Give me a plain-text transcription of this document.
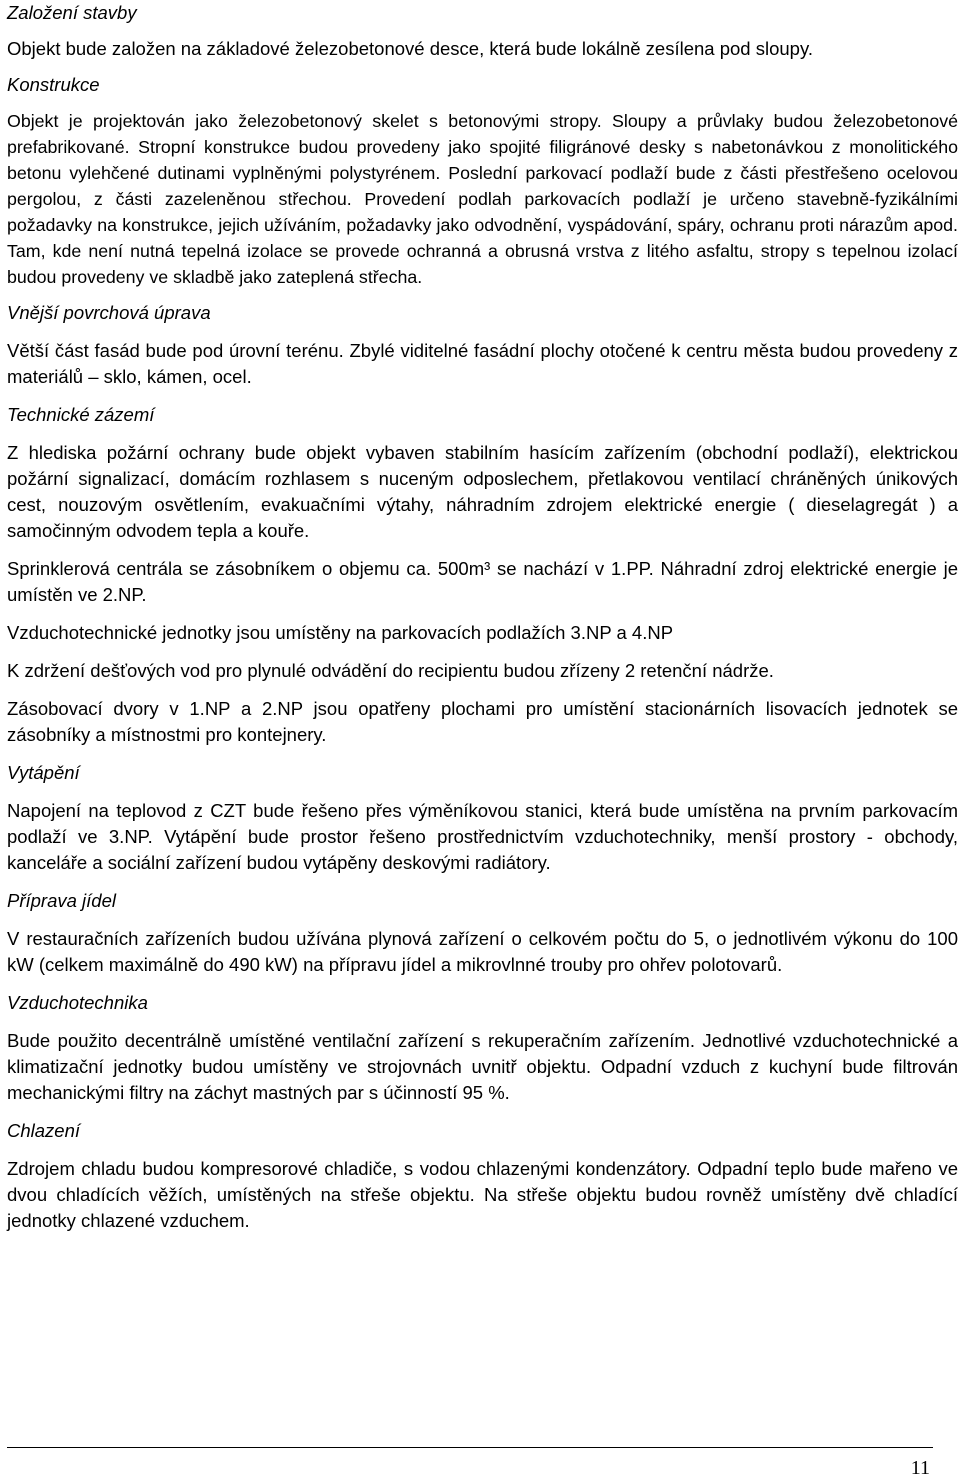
Založení stavby

Objekt bude založen na základové železobetonové desce, která bude lokálně zesílena pod sloupy.

Konstrukce

Objekt je projektován jako železobetonový skelet s betonovými stropy. Sloupy a průvlaky budou železobetonové prefabrikované. Stropní konstrukce budou provedeny jako spojité filigránové desky s nabetonávkou z monolitického betonu vylehčené dutinami vyplněnými polystyrénem. Poslední parkovací podlaží bude z části přestřešeno ocelovou pergolou, z části zazeleněnou střechou. Provedení podlah parkovacích podlaží je určeno stavebně-fyzikálními požadavky na konstrukce, jejich užíváním, požadavky jako odvodnění, vyspádování, spáry, ochranu proti nárazům apod. Tam, kde není nutná tepelná izolace se provede ochranná a obrusná vrstva z litého asfaltu, stropy s tepelnou izolací budou provedeny ve skladbě jako zateplená střecha.

Vnější povrchová úprava

Větší část fasád bude pod úrovní terénu. Zbylé viditelné fasádní plochy otočené k centru města budou provedeny z materiálů – sklo, kámen, ocel.

Technické zázemí

Z hlediska požární ochrany bude objekt vybaven stabilním hasícím zařízením (obchodní podlaží), elektrickou požární signalizací, domácím rozhlasem s nuceným odposlechem, přetlakovou ventilací chráněných únikových cest, nouzovým osvětlením, evakuačními výtahy, náhradním zdrojem elektrické energie ( dieselagregát ) a samočinným odvodem tepla a kouře.

Sprinklerová centrála se zásobníkem o objemu ca. 500m³ se nachází v 1.PP. Náhradní zdroj elektrické energie je umístěn ve 2.NP.

Vzduchotechnické jednotky jsou umístěny na parkovacích podlažích 3.NP a 4.NP

K zdržení dešťových vod pro plynulé odvádění do recipientu budou zřízeny 2 retenční nádrže.

Zásobovací dvory v 1.NP a 2.NP jsou opatřeny plochami pro umístění stacionárních lisovacích jednotek se zásobníky a místnostmi pro kontejnery.

Vytápění

Napojení na teplovod z CZT bude řešeno přes výměníkovou stanici, která bude umístěna na prvním parkovacím podlaží ve 3.NP. Vytápění bude prostor řešeno prostřednictvím vzduchotechniky, menší prostory - obchody, kanceláře a sociální zařízení budou vytápěny deskovými radiátory.

Příprava jídel

V restauračních zařízeních budou užívána plynová zařízení o celkovém počtu do 5, o jednotlivém výkonu do 100 kW (celkem maximálně do 490 kW) na přípravu jídel a mikrovlnné trouby pro ohřev polotovarů.

Vzduchotechnika

Bude použito decentrálně umístěné ventilační zařízení s rekuperačním zařízením. Jednotlivé vzduchotechnické a klimatizační jednotky budou umístěny ve strojovnách uvnitř objektu. Odpadní vzduch z kuchyní bude filtrován mechanickými filtry na záchyt mastných par s účinností 95 %.

Chlazení

Zdrojem chladu budou kompresorové chladiče, s vodou chlazenými kondenzátory. Odpadní teplo bude mařeno ve dvou chladících věžích, umístěných na střeše objektu. Na střeše objektu budou rovněž umístěny dvě chladící jednotky chlazené vzduchem.

11
